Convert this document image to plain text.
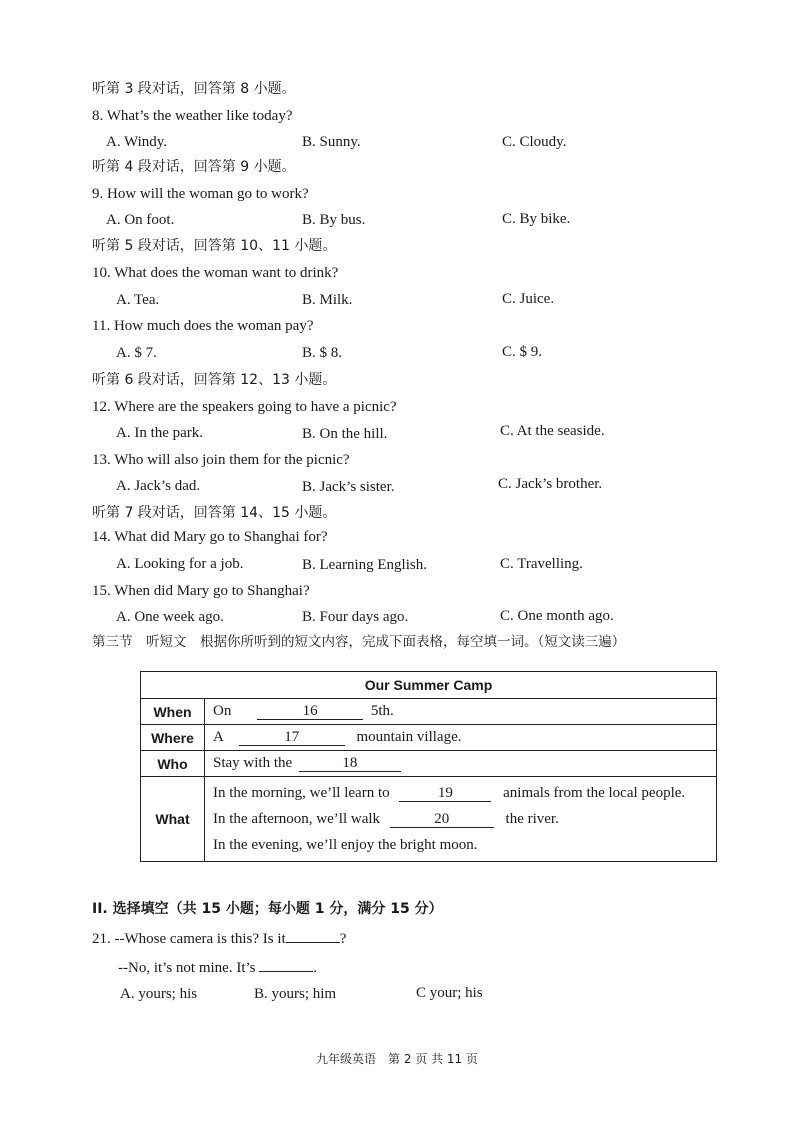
听第 3 段对话，回答第 8 小题。
8. What’s the weather like today?
A. Windy.	B. Sunny.	C. Cloudy.
听第 4 段对话，回答第 9 小题。
9. How will the woman go to work?
A. On foot.	B. By bus.	C. By bike.
听第 5 段对话，回答第 10、11 小题。
10. What does the woman want to drink?
A. Tea.	B. Milk.	C. Juice.
11. How much does the woman pay?
A. $ 7.	B. $ 8.	C. $ 9.
听第 6 段对话，回答第 12、13 小题。
12. Where are the speakers going to have a picnic?
A. In the park.	B. On the hill.	C. At the seaside.
13. Who will also join them for the picnic?
A. Jack’s dad.	B. Jack’s sister.	C. Jack’s brother.
听第 7 段对话，回答第 14、15 小题。
14. What did Mary go to Shanghai for?
A. Looking for a job.	B. Learning English.	C. Travelling.
15. When did Mary go to Shanghai?
A. One week ago.	B. Four days ago.	C. One month ago.
第三节　听短文　根据你所听到的短文内容，完成下面表格，每空填一词。（短文读三遍）
Our Summer Camp	
When	On 16 5th.
Where	A 17 mountain village.
Who	Stay with the 18
What	In the morning, we’ll learn to 19 animals from the local people.
In the afternoon, we’ll walk 20 the river.
In the evening, we’ll enjoy the bright moon.
II. 选择填空（共 15 小题；每小题 1 分，满分 15 分）
21. --Whose camera is this? Is it	?
--No, it’s not mine. It’s	.
A. yours; his	B. yours; him	C your; his
九年级英语　第 2 页 共 11 页
